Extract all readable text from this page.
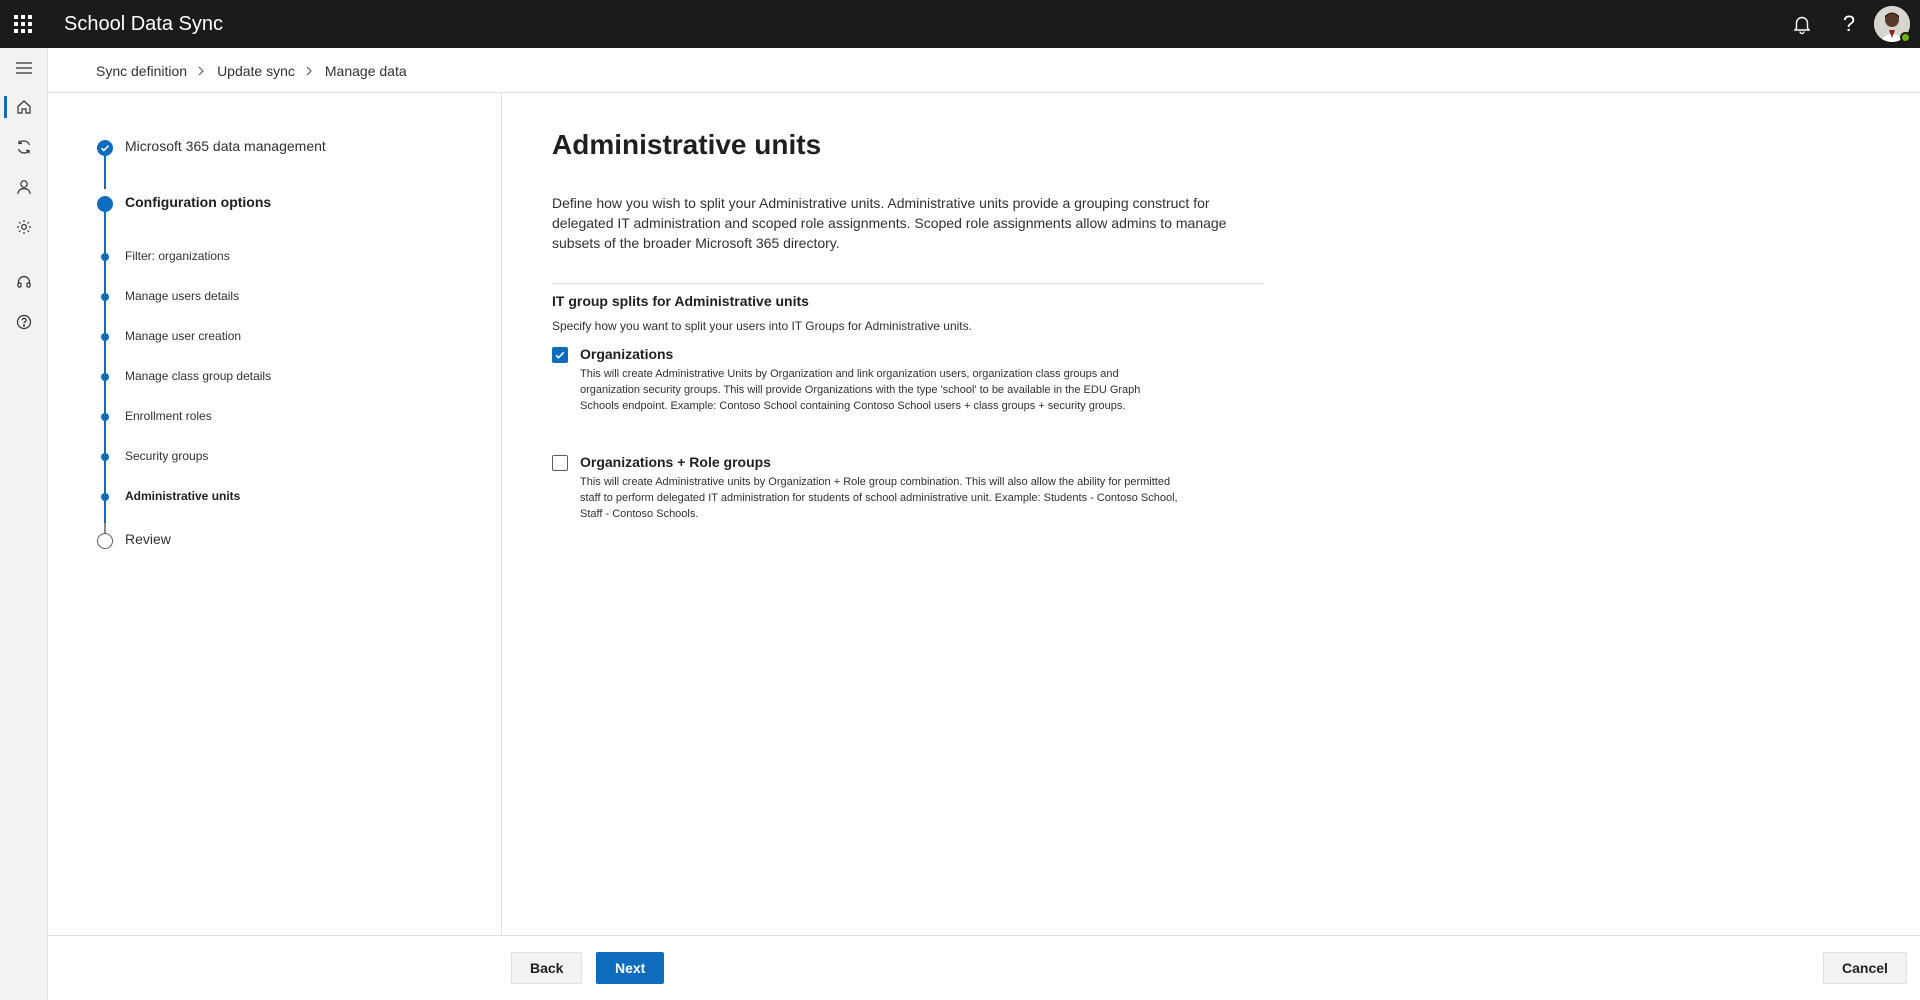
School Data Sync	?
Sync definition Update sync Manage data
Microsoft 365 data management
Configuration options
Filter: organizations
Manage users details
Manage user creation
Manage class group details
Enrollment roles
Security groups
Administrative units
Review
Administrative units

Define how you wish to split your Administrative units. Administrative units provide a grouping construct for delegated IT administration and scoped role assignments. Scoped role assignments allow admins to manage subsets of the broader Microsoft 365 directory.

IT group splits for Administrative units
Specify how you want to split your users into IT Groups for Administrative units.
Organizations

This will create Administrative Units by Organization and link organization users, organization class groups and organization security groups. This will provide Organizations with the type 'school' to be available in the EDU Graph Schools endpoint. Example: Contoso School containing Contoso School users + class groups + security groups.

Organizations + Role groups

This will create Administrative units by Organization + Role group combination. This will also allow the ability for permitted staff to perform delegated IT administration for students of school administrative unit. Example: Students - Contoso School, Staff - Contoso Schools.

Back	Next	Cancel
